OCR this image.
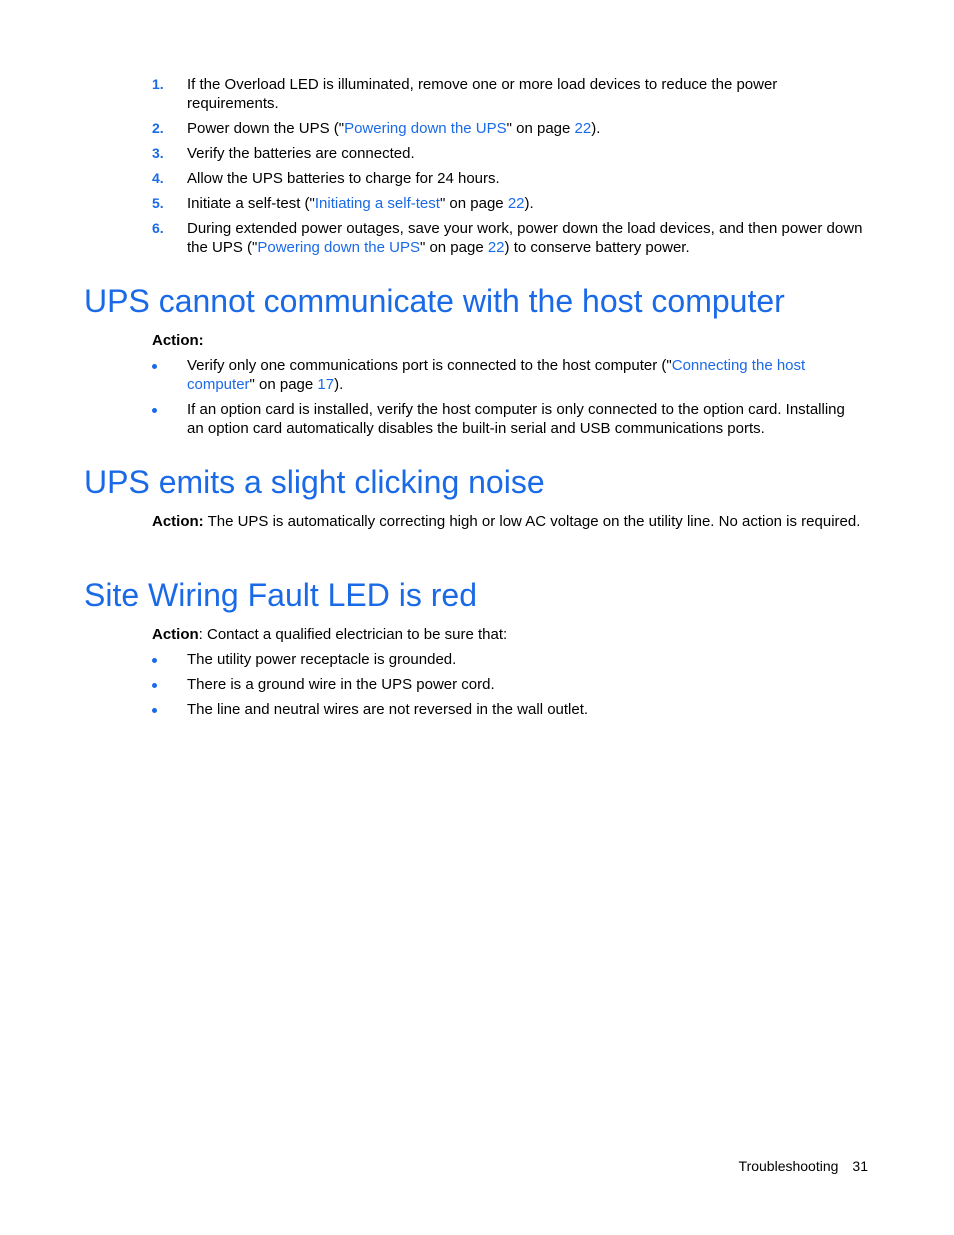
1. If the Overload LED is illuminated, remove one or more load devices to reduce the power requirements.
2. Power down the UPS ("Powering down the UPS" on page 22).
3. Verify the batteries are connected.
4. Allow the UPS batteries to charge for 24 hours.
5. Initiate a self-test ("Initiating a self-test" on page 22).
6. During extended power outages, save your work, power down the load devices, and then power down the UPS ("Powering down the UPS" on page 22) to conserve battery power.
UPS cannot communicate with the host computer

Action:

Verify only one communications port is connected to the host computer ("Connecting the host computer" on page 17).
If an option card is installed, verify the host computer is only connected to the option card. Installing an option card automatically disables the built-in serial and USB communications ports.
UPS emits a slight clicking noise

Action: The UPS is automatically correcting high or low AC voltage on the utility line. No action is required.

Site Wiring Fault LED is red

Action: Contact a qualified electrician to be sure that:

The utility power receptacle is grounded.
There is a ground wire in the UPS power cord.
The line and neutral wires are not reversed in the wall outlet.
Troubleshooting 31
